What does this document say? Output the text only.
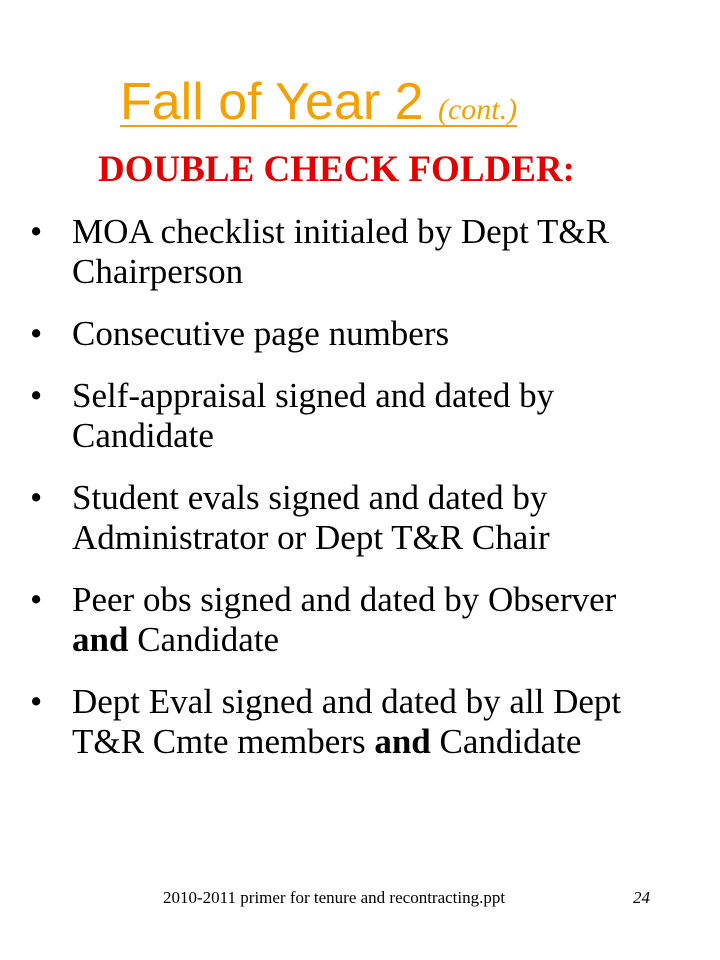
Fall of Year 2 (cont.)
DOUBLE CHECK FOLDER:
• MOA checklist initialed by Dept T&R Chairperson
• Consecutive page numbers
• Self-appraisal signed and dated by Candidate
• Student evals signed and dated by Administrator or Dept T&R Chair
• Peer obs signed and dated by Observer and Candidate
• Dept Eval signed and dated by all Dept T&R Cmte members and Candidate
2010-2011 primer for tenure and recontracting.ppt	24
